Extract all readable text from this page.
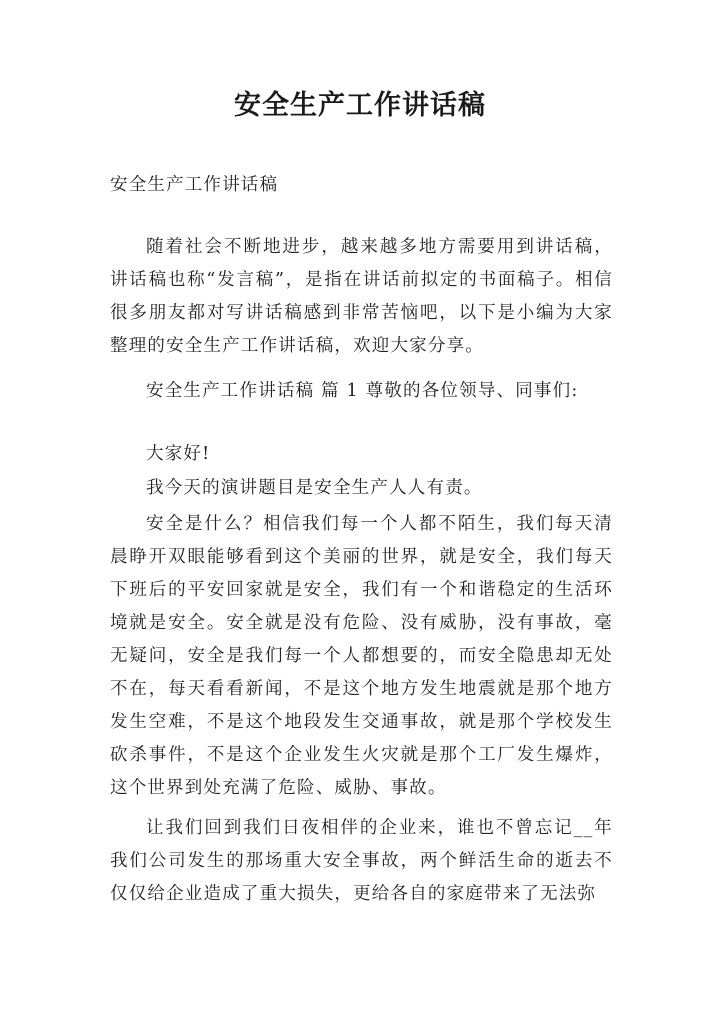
安全生产工作讲话稿
安全生产工作讲话稿

随着社会不断地进步，越来越多地方需要用到讲话稿，讲话稿也称“发言稿”，是指在讲话前拟定的书面稿子。相信很多朋友都对写讲话稿感到非常苦恼吧，以下是小编为大家整理的安全生产工作讲话稿，欢迎大家分享。

安全生产工作讲话稿 篇 1 尊敬的各位领导、同事们:

大家好!

我今天的演讲题目是安全生产人人有责。

安全是什么？相信我们每一个人都不陌生，我们每天清晨睁开双眼能够看到这个美丽的世界，就是安全，我们每天下班后的平安回家就是安全，我们有一个和谐稳定的生活环境就是安全。安全就是没有危险、没有威胁，没有事故，毫无疑问，安全是我们每一个人都想要的，而安全隐患却无处不在，每天看看新闻，不是这个地方发生地震就是那个地方发生空难，不是这个地段发生交通事故，就是那个学校发生砍杀事件，不是这个企业发生火灾就是那个工厂发生爆炸，这个世界到处充满了危险、威胁、事故。

让我们回到我们日夜相伴的企业来，谁也不曾忘记__年我们公司发生的那场重大安全事故，两个鲜活生命的逝去不仅仅给企业造成了重大损失，更给各自的家庭带来了无法弥
